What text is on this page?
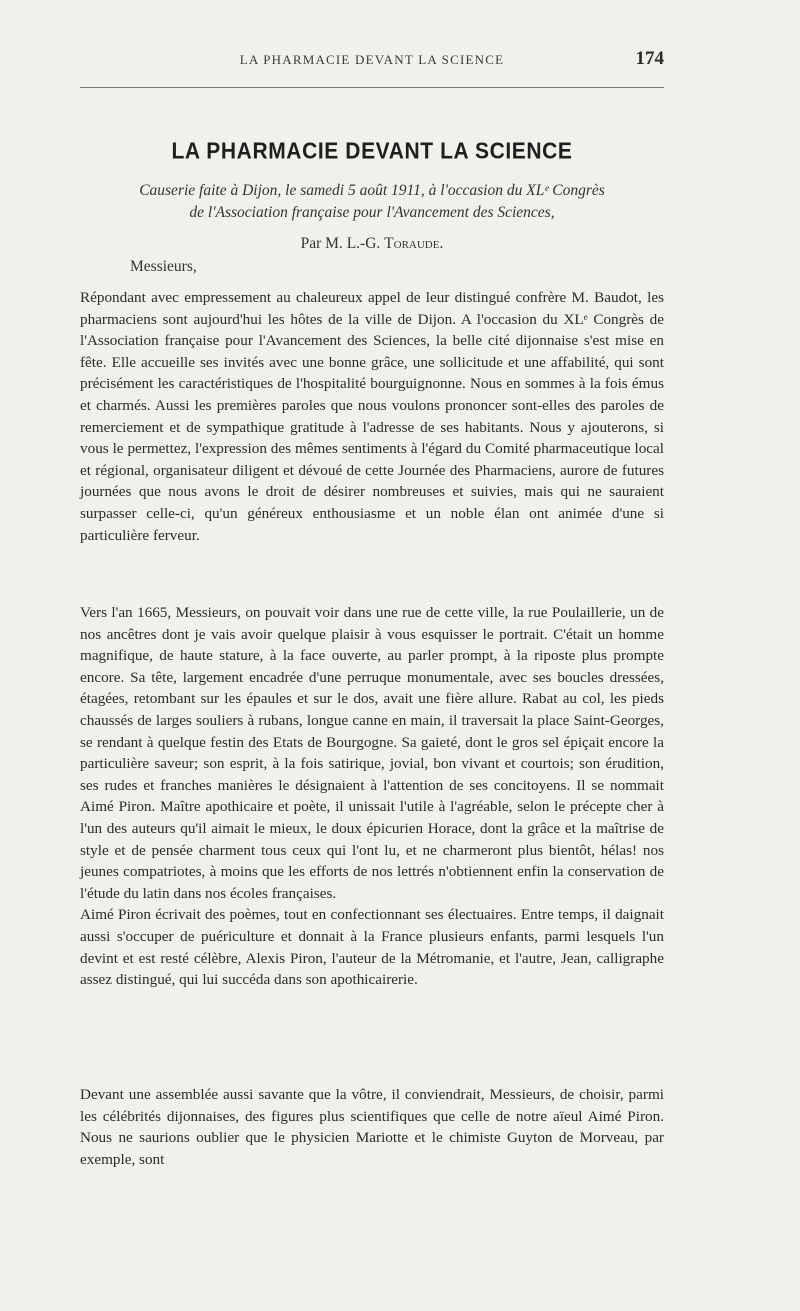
LA PHARMACIE DEVANT LA SCIENCE	174
LA PHARMACIE DEVANT LA SCIENCE
Causerie faite à Dijon, le samedi 5 août 1911, à l'occasion du XLᵉ Congrès
de l'Association française pour l'Avancement des Sciences,
Par M. L.-G. Toraude.
Messieurs,

Répondant avec empressement au chaleureux appel de leur distingué confrère M. Baudot, les pharmaciens sont aujourd'hui les hôtes de la ville de Dijon. A l'occasion du XLᵉ Congrès de l'Association française pour l'Avancement des Sciences, la belle cité dijonnaise s'est mise en fête. Elle accueille ses invités avec une bonne grâce, une sollicitude et une affabilité, qui sont précisément les caractéristiques de l'hospitalité bourguignonne. Nous en sommes à la fois émus et charmés. Aussi les premières paroles que nous voulons prononcer sont-elles des paroles de remerciement et de sympathique gratitude à l'adresse de ses habitants. Nous y ajouterons, si vous le permettez, l'expression des mêmes sentiments à l'égard du Comité pharmaceutique local et régional, organisateur diligent et dévoué de cette Journée des Pharmaciens, aurore de futures journées que nous avons le droit de désirer nombreuses et suivies, mais qui ne sauraient surpasser celle-ci, qu'un généreux enthousiasme et un noble élan ont animée d'une si particulière ferveur.

Vers l'an 1665, Messieurs, on pouvait voir dans une rue de cette ville, la rue Poulaillerie, un de nos ancêtres dont je vais avoir quelque plaisir à vous esquisser le portrait. C'était un homme magnifique, de haute stature, à la face ouverte, au parler prompt, à la riposte plus prompte encore. Sa tête, largement encadrée d'une perruque monumentale, avec ses boucles dressées, étagées, retombant sur les épaules et sur le dos, avait une fière allure. Rabat au col, les pieds chaussés de larges souliers à rubans, longue canne en main, il traversait la place Saint-Georges, se rendant à quelque festin des Etats de Bourgogne. Sa gaieté, dont le gros sel épiçait encore la particulière saveur; son esprit, à la fois satirique, jovial, bon vivant et courtois; son érudition, ses rudes et franches manières le désignaient à l'attention de ses concitoyens. Il se nommait Aimé Piron. Maître apothicaire et poète, il unissait l'utile à l'agréable, selon le précepte cher à l'un des auteurs qu'il aimait le mieux, le doux épicurien Horace, dont la grâce et la maîtrise de style et de pensée charment tous ceux qui l'ont lu, et ne charmeront plus bientôt, hélas! nos jeunes compatriotes, à moins que les efforts de nos lettrés n'obtiennent enfin la conservation de l'étude du latin dans nos écoles françaises.

Aimé Piron écrivait des poèmes, tout en confectionnant ses électuaires. Entre temps, il daignait aussi s'occuper de puériculture et donnait à la France plusieurs enfants, parmi lesquels l'un devint et est resté célèbre, Alexis Piron, l'auteur de la Métromanie, et l'autre, Jean, calligraphe assez distingué, qui lui succéda dans son apothicairerie.

Devant une assemblée aussi savante que la vôtre, il conviendrait, Messieurs, de choisir, parmi les célébrités dijonnaises, des figures plus scientifiques que celle de notre aïeul Aimé Piron. Nous ne saurions oublier que le physicien Mariotte et le chimiste Guyton de Morveau, par exemple, sont
